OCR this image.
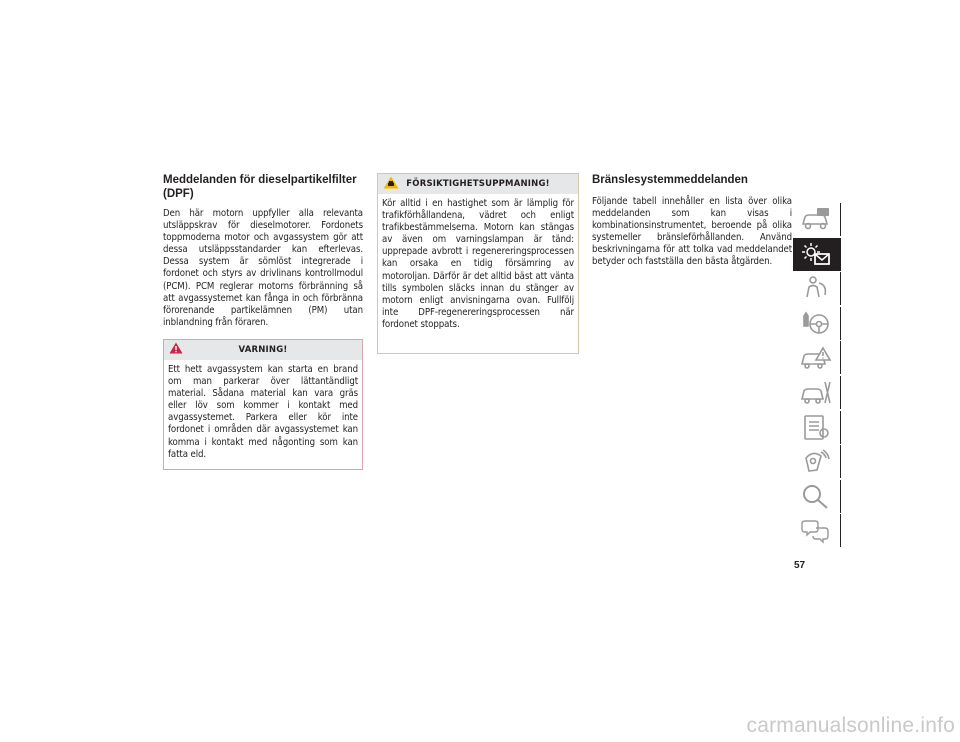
Meddelanden för dieselpartikelfilter
(DPF)

Den här motorn uppfyller alla relevanta utsläppskrav för dieselmotorer. Fordonets toppmoderna motor och avgassystem gör att dessa utsläppsstandarder kan efterlevas. Dessa system är sömlöst integrerade i fordonet och styrs av drivlinans kontrollmodul (PCM). PCM reglerar motorns förbränning så att avgassystemet kan fånga in och förbränna förorenande partikelämnen (PM) utan inblandning från föraren.

VARNING!

Ett hett avgassystem kan starta en brand om man parkerar över lättantändligt material. Sådana material kan vara gräs eller löv som kommer i kontakt med avgassystemet. Parkera eller kör inte fordonet i områden där avgassystemet kan komma i kontakt med någonting som kan fatta eld.

FÖRSIKTIGHETSUPPMANING!

Kör alltid i en hastighet som är lämplig för trafikförhållandena, vädret och enligt trafikbestämmelserna. Motorn kan stängas av även om varningslampan är tänd: upprepade avbrott i regenereringsprocessen kan orsaka en tidig försämring av motoroljan. Därför är det alltid bäst att vänta tills symbolen släcks innan du stänger av motorn enligt anvisningarna ovan. Fullfölj inte DPF-regenereringsprocessen när fordonet stoppats.

Bränslesystemmeddelanden

Följande tabell innehåller en lista över olika meddelanden som kan visas i kombinationsinstrumentet, beroende på olika systemeller bränsleförhållanden. Använd beskrivningarna för att tolka vad meddelandet betyder och fastställa den bästa åtgärden.

57
carmanualsonline.info
